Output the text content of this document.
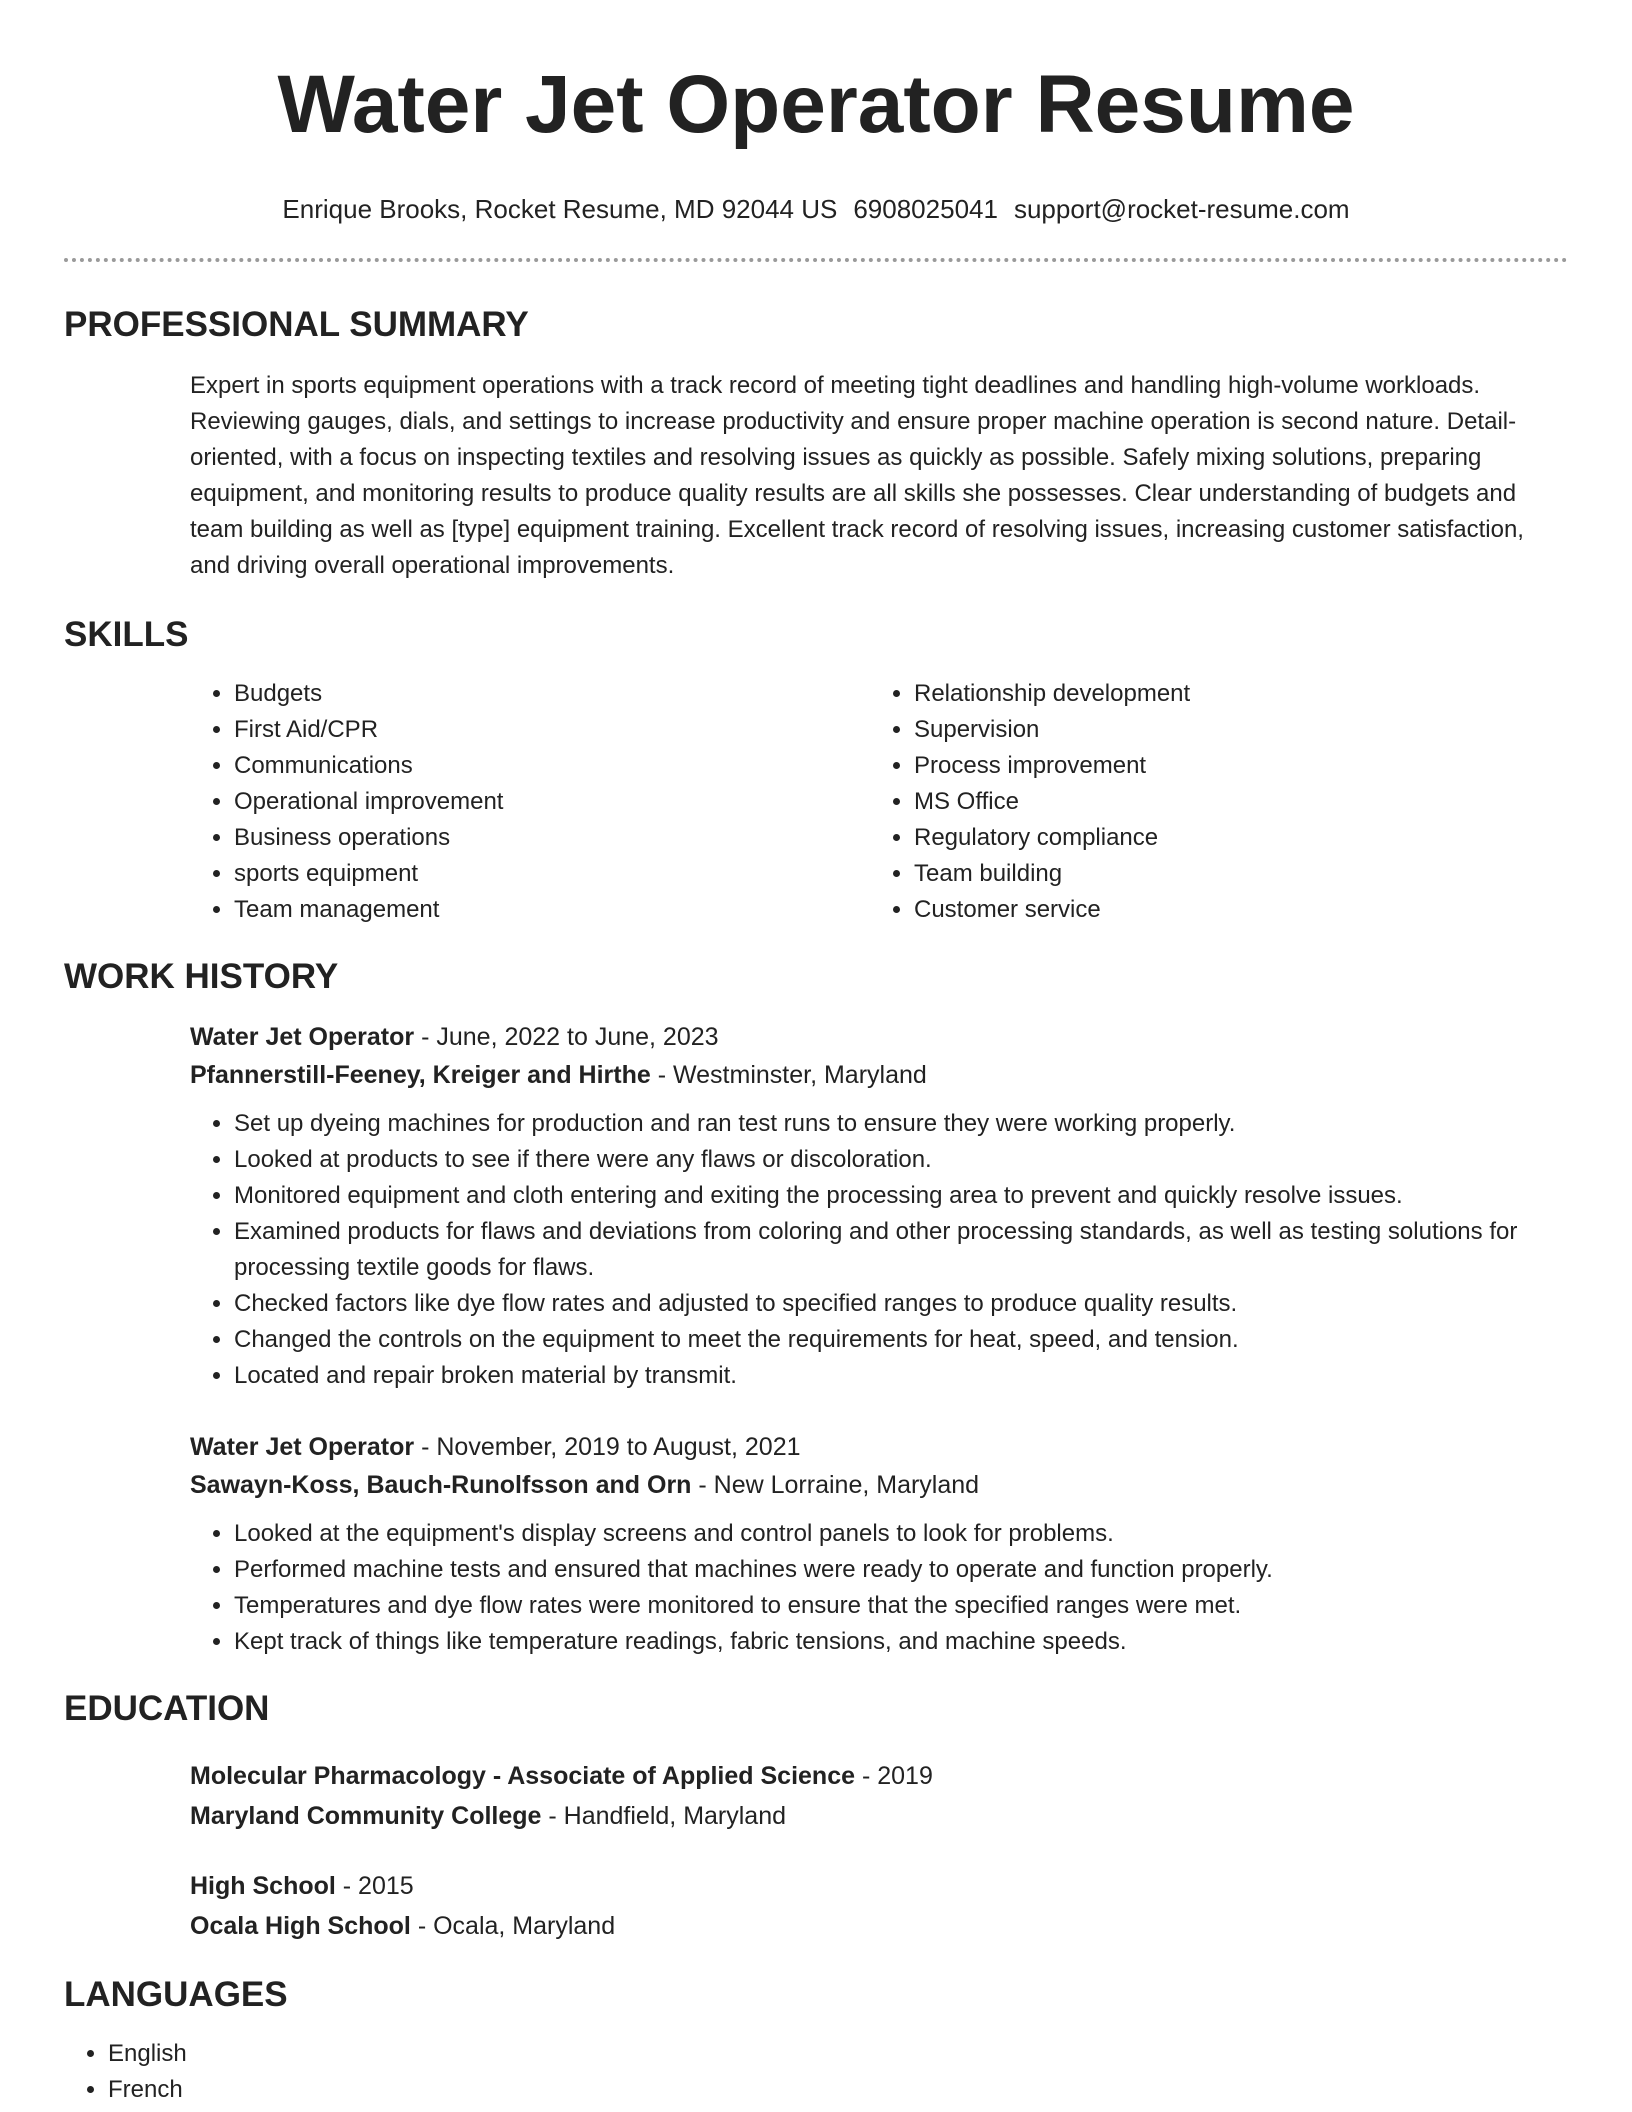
Water Jet Operator Resume
Enrique Brooks, Rocket Resume, MD 92044 US 6908025041 support@rocket-resume.com
PROFESSIONAL SUMMARY

Expert in sports equipment operations with a track record of meeting tight deadlines and handling high-volume workloads. Reviewing gauges, dials, and settings to increase productivity and ensure proper machine operation is second nature. Detail-oriented, with a focus on inspecting textiles and resolving issues as quickly as possible. Safely mixing solutions, preparing equipment, and monitoring results to produce quality results are all skills she possesses. Clear understanding of budgets and team building as well as [type] equipment training. Excellent track record of resolving issues, increasing customer satisfaction, and driving overall operational improvements.

SKILLS
• Budgets
• First Aid/CPR
• Communications
• Operational improvement
• Business operations
• sports equipment
• Team management
• Relationship development
• Supervision
• Process improvement
• MS Office
• Regulatory compliance
• Team building
• Customer service
WORK HISTORY
Water Jet Operator - June, 2022 to June, 2023
Pfannerstill-Feeney, Kreiger and Hirthe - Westminster, Maryland
• Set up dyeing machines for production and ran test runs to ensure they were working properly.
• Looked at products to see if there were any flaws or discoloration.
• Monitored equipment and cloth entering and exiting the processing area to prevent and quickly resolve issues.
• Examined products for flaws and deviations from coloring and other processing standards, as well as testing solutions for processing textile goods for flaws.
• Checked factors like dye flow rates and adjusted to specified ranges to produce quality results.
• Changed the controls on the equipment to meet the requirements for heat, speed, and tension.
• Located and repair broken material by transmit.
Water Jet Operator - November, 2019 to August, 2021
Sawayn-Koss, Bauch-Runolfsson and Orn - New Lorraine, Maryland
• Looked at the equipment's display screens and control panels to look for problems.
• Performed machine tests and ensured that machines were ready to operate and function properly.
• Temperatures and dye flow rates were monitored to ensure that the specified ranges were met.
• Kept track of things like temperature readings, fabric tensions, and machine speeds.
EDUCATION
Molecular Pharmacology - Associate of Applied Science - 2019
Maryland Community College - Handfield, Maryland
High School - 2015
Ocala High School - Ocala, Maryland
LANGUAGES
• English
• French
